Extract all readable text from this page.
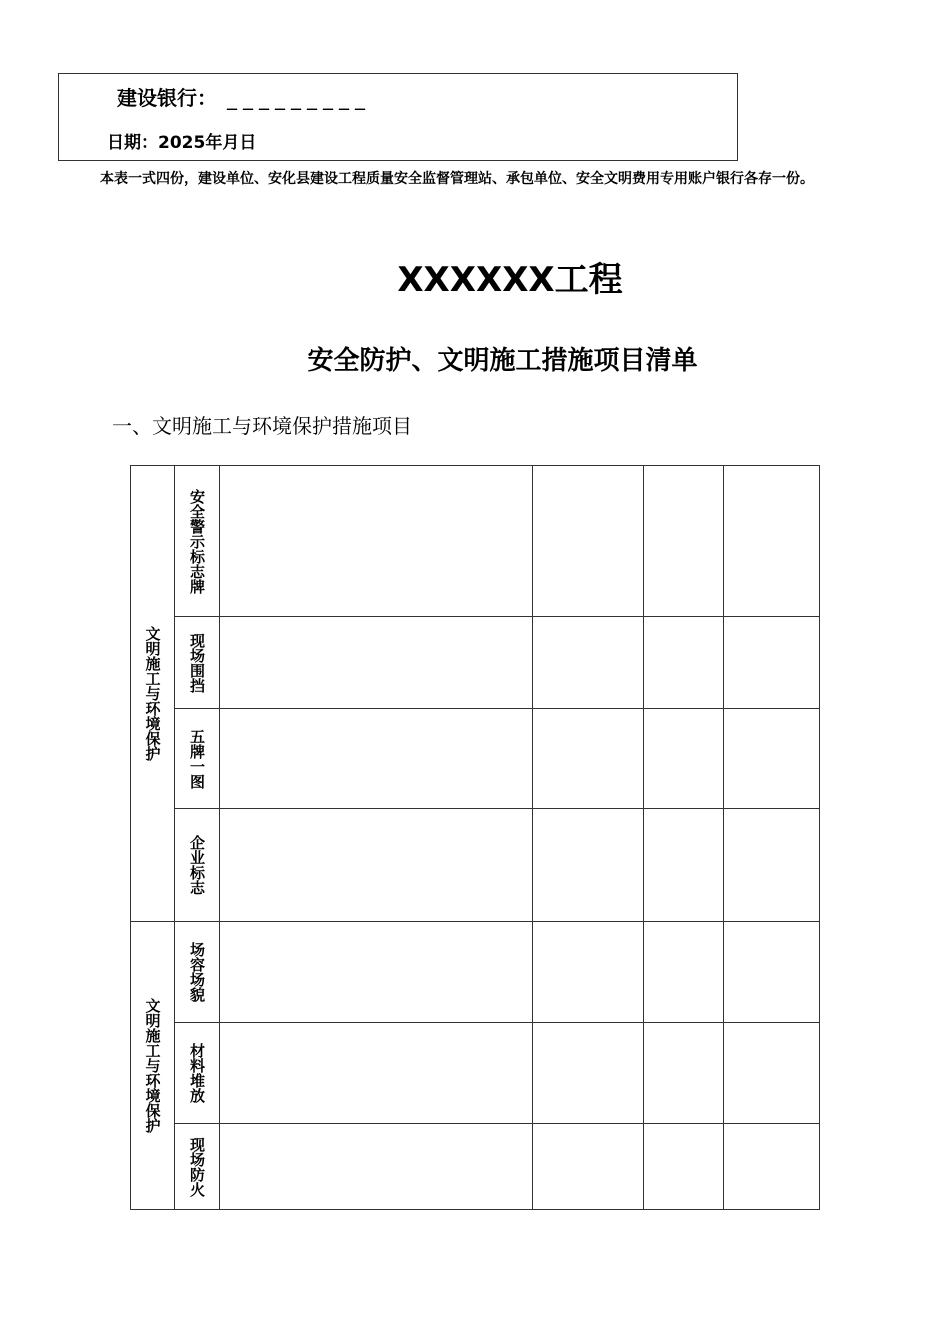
建设银行： _________
日期：2025年月日
本表一式四份，建设单位、安化县建设工程质量安全监督管理站、承包单位、安全文明费用专用账户银行各存一份。
XXXXXX工程
安全防护、文明施工措施项目清单
一、文明施工与环境保护措施项目
文明施工与环境保护	安全警示标志牌				

	现场围挡				

	五牌一图				

	企业标志				

文明施工与环境保护	场容场貌				

	材料堆放				

	现场防火				
